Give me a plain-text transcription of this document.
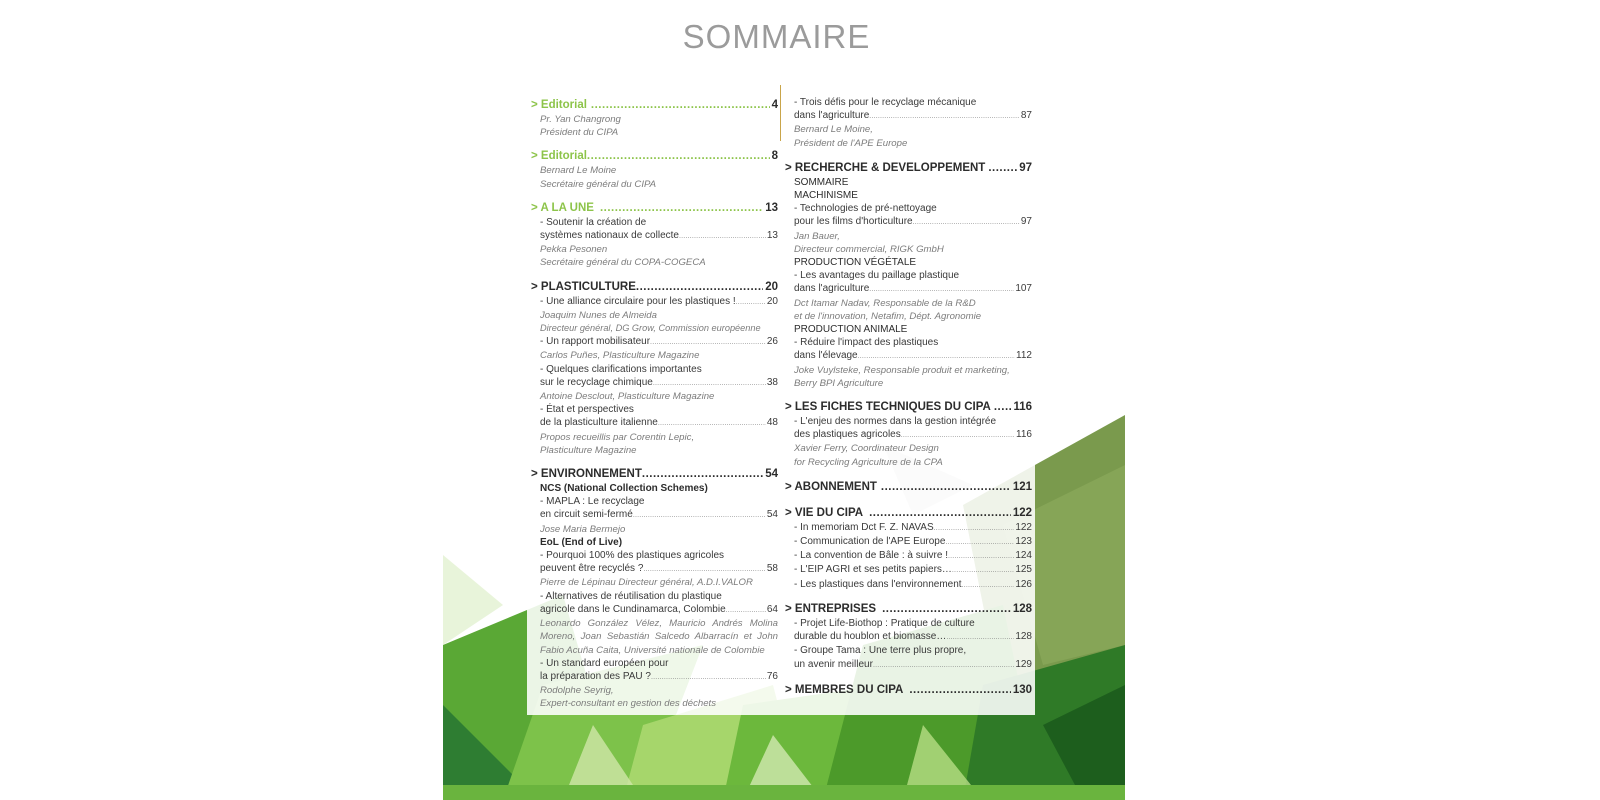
SOMMAIRE
> Editorial .....	4
Pr. Yan Changrong
Président du CIPA
> Editorial .....	8
Bernard Le Moine
Secrétaire général du CIPA
> A LA UNE .....	13
- Soutenir la création de
systèmes nationaux de collecte .....	13
Pekka Pesonen
Secrétaire général du COPA-COGECA
> PLASTICULTURE .....	20
- Une alliance circulaire pour les plastiques ! .....	20
Joaquim Nunes de Almeida
Directeur général, DG Grow, Commission européenne
- Un rapport mobilisateur .....	26
Carlos Puñes, Plasticulture Magazine
- Quelques clarifications importantes
sur le recyclage chimique .....	38
Antoine Desclout, Plasticulture Magazine
- État et perspectives
de la plasticulture italienne .....	48
Propos recueillis par Corentin Lepic,
Plasticulture Magazine
> ENVIRONNEMENT .....	54
NCS (National Collection Schemes)
- MAPLA : Le recyclage
en circuit semi-fermé .....	54
Jose Maria Bermejo
EoL (End of Live)
- Pourquoi 100% des plastiques agricoles
peuvent être recyclés ? .....	58
Pierre de Lépinau Directeur général, A.D.I.VALOR
- Alternatives de réutilisation du plastique
agricole dans le Cundinamarca, Colombie .....	64
Leonardo González Vélez, Mauricio Andrés Molina Moreno, Joan Sebastián Salcedo Albarracín et John Fabio Acuña Caita, Université nationale de Colombie
- Un standard européen pour
la préparation des PAU ? .....	76
Rodolphe Seyrig,
Expert-consultant en gestion des déchets
- Trois défis pour le recyclage mécanique
dans l'agriculture .....	87
Bernard Le Moine,
Président de l'APE Europe
> RECHERCHE & DEVELOPPEMENT .....	97
SOMMAIRE
MACHINISME
- Technologies de pré-nettoyage
pour les films d'horticulture .....	97
Jan Bauer,
Directeur commercial, RIGK GmbH
PRODUCTION VÉGÉTALE
- Les avantages du paillage plastique
dans l'agriculture .....	107
Dct Itamar Nadav, Responsable de la R&D
et de l'innovation, Netafim, Dépt. Agronomie
PRODUCTION ANIMALE
- Réduire l'impact des plastiques
dans l'élevage .....	112
Joke Vuylsteke, Responsable produit et marketing,
Berry BPI Agriculture
> LES FICHES TECHNIQUES DU CIPA ..... 116
- L'enjeu des normes dans la gestion intégrée
des plastiques agricoles .....	116
Xavier Ferry, Coordinateur Design
for Recycling Agriculture de la CPA
> ABONNEMENT .....	121
> VIE DU CIPA .....	122
- In memoriam Dct F. Z. NAVAS .....	122
- Communication de l'APE Europe .....	123
- La convention de Bâle : à suivre ! .....	124
- L'EIP AGRI et ses petits papiers… .....	125
- Les plastiques dans l'environnement .....	126
> ENTREPRISES .....	128
- Projet Life-Biothop : Pratique de culture
durable du houblon et biomasse… .....	128
- Groupe Tama : Une terre plus propre,
un avenir meilleur .....	129
> MEMBRES DU CIPA .....	130
